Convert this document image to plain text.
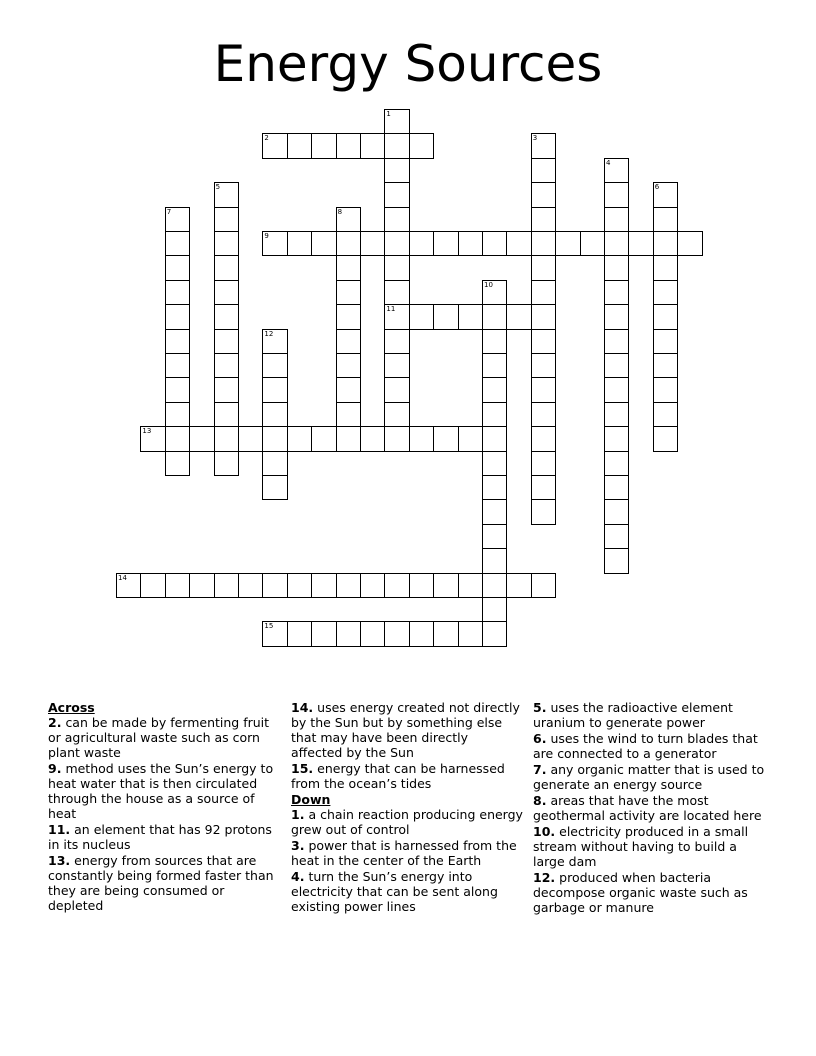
Energy Sources
1
11
2	3
4
5	6
7	8
9
10
12
13
14
15
Across
2. can be made by fermenting fruit or agricultural waste such as corn plant waste
9. method uses the Sun’s energy to heat water that is then circulated through the house as a source of heat
11. an element that has 92 protons in its nucleus
13. energy from sources that are constantly being formed faster than they are being consumed or depleted
14. uses energy created not directly by the Sun but by something else that may have been directly affected by the Sun
15. energy that can be harnessed from the ocean’s tides
Down
1. a chain reaction producing energy grew out of control
3. power that is harnessed from the heat in the center of the Earth
4. turn the Sun’s energy into electricity that can be sent along existing power lines
5. uses the radioactive element uranium to generate power
6. uses the wind to turn blades that are connected to a generator
7. any organic matter that is used to generate an energy source
8. areas that have the most geothermal activity are located here
10. electricity produced in a small stream without having to build a large dam
12. produced when bacteria decompose organic waste such as garbage or manure
